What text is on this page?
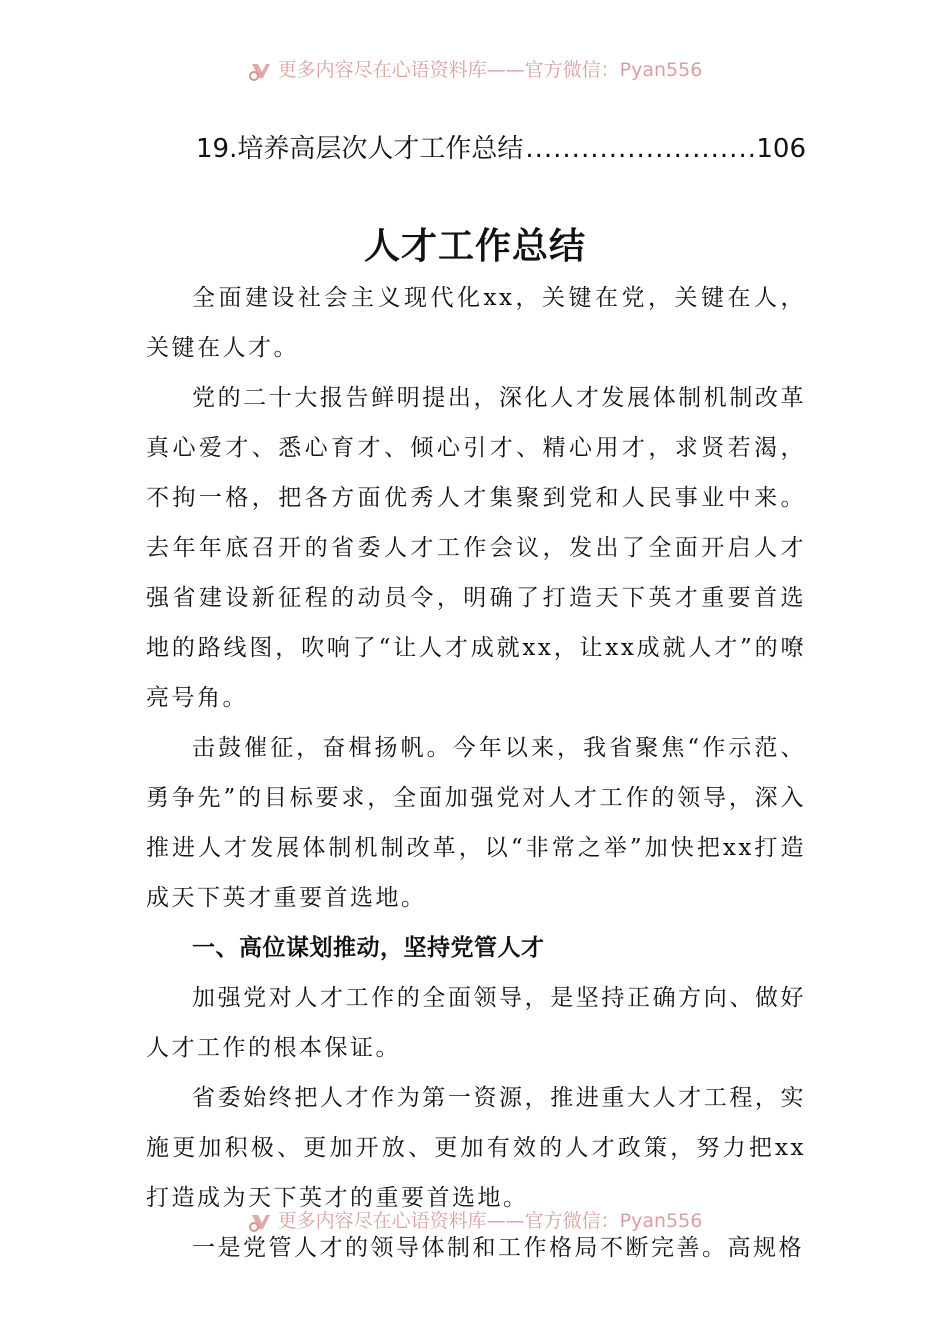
更多内容尽在心语资料库——官方微信：Pyan556
19.培养高层次人才工作总结
.....	106
人才工作总结

全面建设社会主义现代化xx，关键在党，关键在人，关键在人才。

党的二十大报告鲜明提出，深化人才发展体制机制改革真心爱才、悉心育才、倾心引才、精心用才，求贤若渴，不拘一格，把各方面优秀人才集聚到党和人民事业中来。去年年底召开的省委人才工作会议，发出了全面开启人才强省建设新征程的动员令，明确了打造天下英才重要首选地的路线图，吹响了“让人才成就xx，让xx成就人才”的嘹亮号角。

击鼓催征，奋楫扬帆。今年以来，我省聚焦“作示范、勇争先”的目标要求，全面加强党对人才工作的领导，深入推进人才发展体制机制改革，以“非常之举”加快把xx打造成天下英才重要首选地。

一、高位谋划推动，坚持党管人才

加强党对人才工作的全面领导，是坚持正确方向、做好人才工作的根本保证。

省委始终把人才作为第一资源，推进重大人才工程，实施更加积极、更加开放、更加有效的人才政策，努力把xx打造成为天下英才的重要首选地。

一是党管人才的领导体制和工作格局不断完善。高规格

更多内容尽在心语资料库——官方微信：Pyan556
